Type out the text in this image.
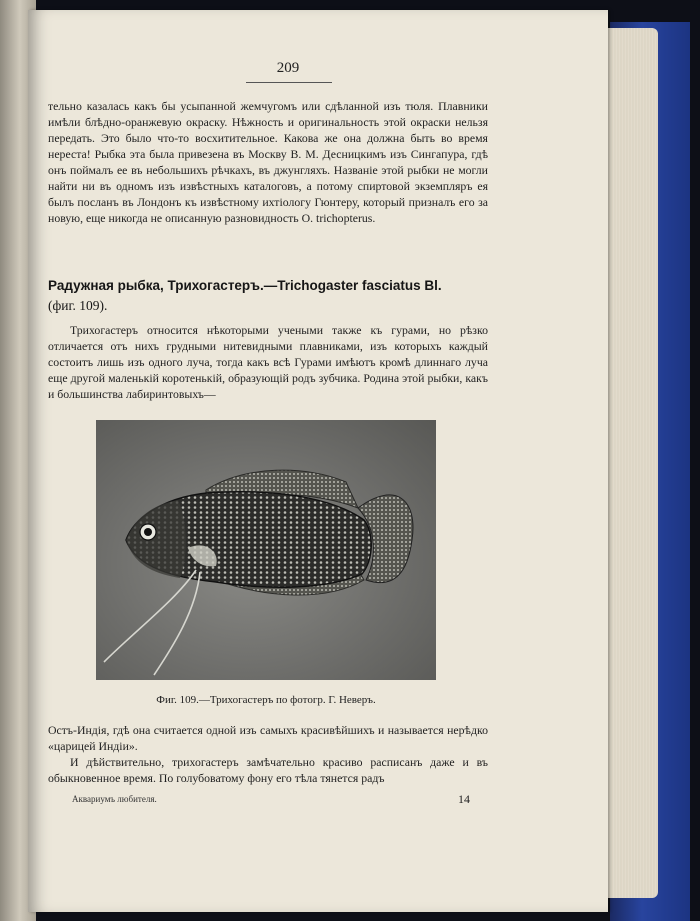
209

тельно казалась какъ бы усыпанной жемчугомъ или сдѣланной изъ тюля. Плавники имѣли блѣдно-оранжевую окраску. Нѣжность и оригинальность этой окраски нельзя передать. Это было что-то восхитительное. Какова же она должна быть во время нереста! Рыбка эта была привезена въ Москву В. М. Десницкимъ изъ Сингапура, гдѣ онъ поймалъ ее въ небольшихъ рѣчкахъ, въ джунгляхъ. Названіе этой рыбки не могли найти ни въ одномъ изъ извѣстныхъ каталоговъ, а потому спиртовой экземпляръ ея былъ посланъ въ Лондонъ къ извѣстному ихтіологу Гюнтеру, который призналъ его за новую, еще никогда не описанную разновидность O. trichopterus.

Радужная рыбка, Трихогастеръ.—Trichogaster fasciatus Bl.
(фиг. 109).

Трихогастеръ относится нѣкоторыми учеными также къ гурами, но рѣзко отличается отъ нихъ грудными нитевидными плавниками, изъ которыхъ каждый состоитъ лишь изъ одного луча, тогда какъ всѣ Гурами имѣютъ кромѣ длиннаго луча еще другой маленькій коротенькій, образующій родъ зубчика. Родина этой рыбки, какъ и большинства лабиринтовыхъ—

Фиг. 109.—Трихогастеръ по фотогр. Г. Неверъ.

Остъ-Индія, гдѣ она считается одной изъ самыхъ красивѣйшихъ и называется нерѣдко «царицей Индіи».

И дѣйствительно, трихогастеръ замѣчательно красиво расписанъ даже и въ обыкновенное время. По голубоватому фону его тѣла тянется радъ

Аквариумъ любителя.	14
